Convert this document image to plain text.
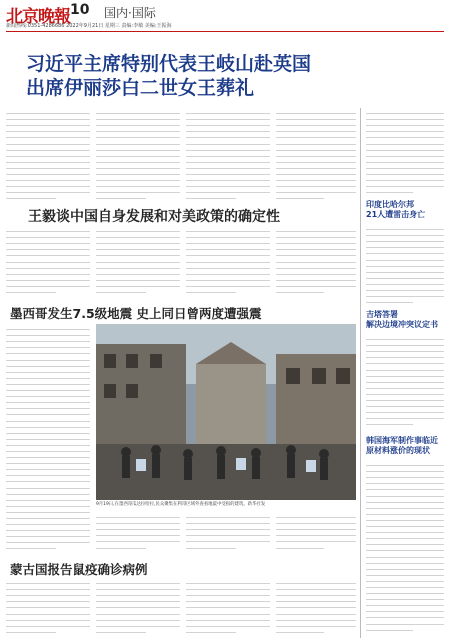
北京晚報 10 国内·国际
新闻热线:0351-4286686 2022年9月21日 星期三 责编:李敏 美编:王振海
习近平主席特别代表王岐山赴英国
出席伊丽莎白二世女王葬礼
王毅谈中国自身发展和对美政策的确定性
墨西哥发生7.5级地震 史上同日曾两度遭强震
9月19日,在墨西哥瓜达拉哈拉,民众聚集在利哥区域外查看地震中受损的建筑。新华社发
蒙古国报告鼠疫确诊病例
印度比哈尔邦
21人遭雷击身亡
吉塔答署
解决边境冲突议定书
韩国海军制作事临近
原材料涨价的现状
